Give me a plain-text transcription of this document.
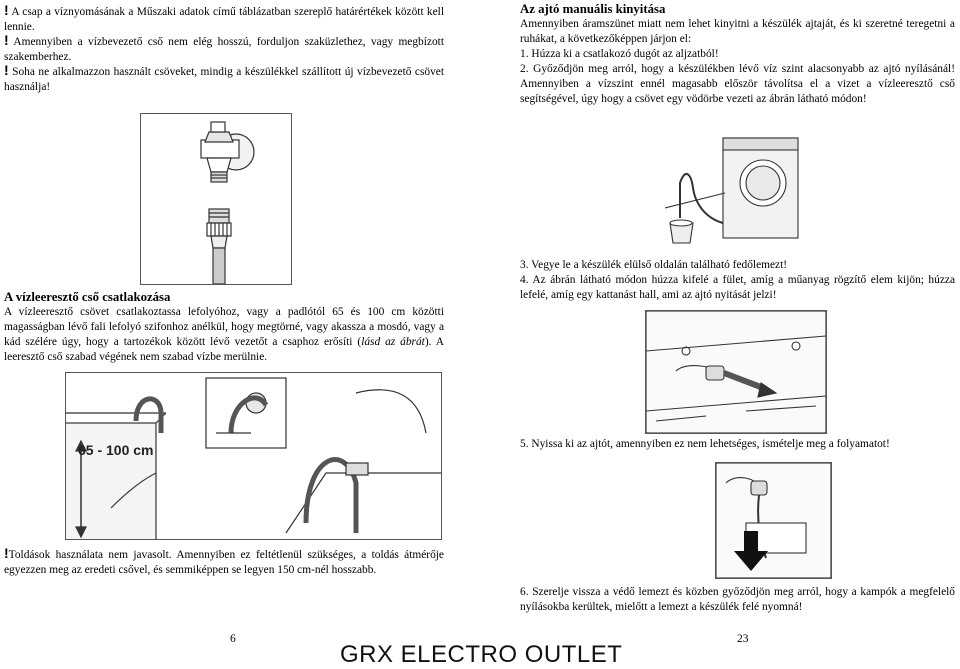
! A csap a víznyomásának a Műszaki adatok című táblázatban szereplő határértékek között kell lennie.

! Amennyiben a vízbevezető cső nem elég hosszú, forduljon szaküzlethez, vagy megbízott szakemberhez.

! Soha ne alkalmazzon használt csöveket, mindig a készülékkel szállított új vízbevezető csövet használja!

A vízleeresztő cső csatlakozása

A vízleeresztő csövet csatlakoztassa lefolyóhoz, vagy a padlótól 65 és 100 cm közötti magasságban lévő fali lefolyó szifonhoz anélkül, hogy megtörné, vagy akassza a mosdó, vagy a kád szélére úgy, hogy a tartozékok között lévő vezetőt a csaphoz erősíti (lásd az ábrát). A leeresztő cső szabad végének nem szabad vízbe merülnie.

65 - 100 cm

!Toldások használata nem javasolt. Amennyiben ez feltétlenül szükséges, a toldás átmérője egyezzen meg az eredeti csővel, és semmiképpen se legyen 150 cm-nél hosszabb.

6
Az ajtó manuális kinyitása

Amennyiben áramszünet miatt nem lehet kinyitni a készülék ajtaját, és ki szeretné teregetni a ruhákat, a következőképpen járjon el:

1. Húzza ki a csatlakozó dugót az aljzatból!

2. Győződjön meg arról, hogy a készülékben lévő víz szint alacsonyabb az ajtó nyílásánál! Amennyiben a vízszint ennél magasabb először távolítsa el a vizet a vízleeresztő cső segítségével, úgy hogy a csövet egy vödörbe vezeti az ábrán látható módon!

3. Vegye le a készülék elülső oldalán található fedőlemezt!

4. Az ábrán látható módon húzza kifelé a fület, amíg a műanyag rögzítő elem kijön; húzza lefelé, amíg egy kattanást hall, ami az ajtó nyitását jelzi!

5. Nyissa ki az ajtót, amennyiben ez nem lehetséges, ismételje meg a folyamatot!

6. Szerelje vissza a védő lemezt és közben győződjön meg arról, hogy a kampók a megfelelő nyílásokba kerültek, mielőtt a lemezt a készülék felé nyomná!

23
GRX ELECTRO OUTLET
